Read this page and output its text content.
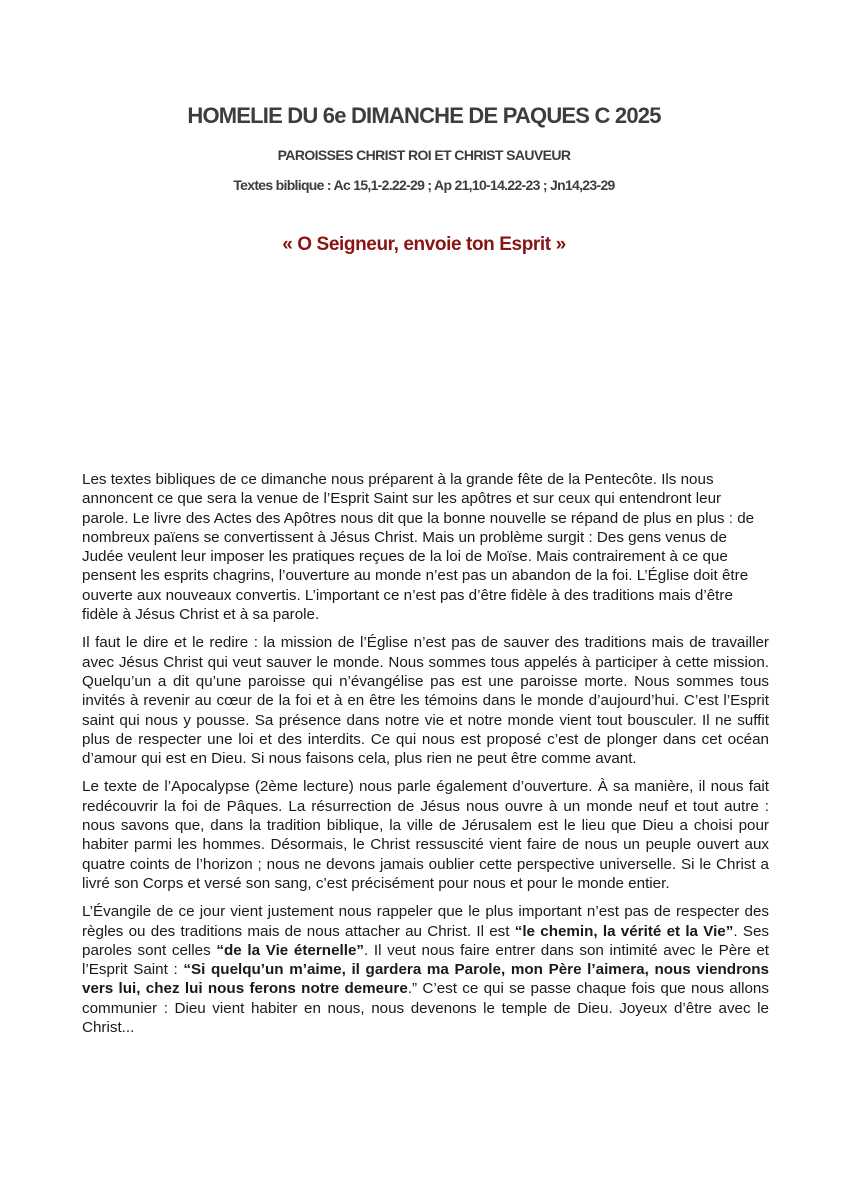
HOMELIE DU 6e DIMANCHE DE PAQUES C 2025
PAROISSES CHRIST ROI ET CHRIST SAUVEUR
Textes biblique : Ac 15,1-2.22-29 ; Ap 21,10-14.22-23 ; Jn14,23-29
« O Seigneur, envoie ton Esprit »

Les textes bibliques de ce dimanche nous préparent à la grande fête de la Pentecôte. Ils nous annoncent ce que sera la venue de l’Esprit Saint sur les apôtres et sur ceux qui entendront leur parole. Le livre des Actes des Apôtres nous dit que la bonne nouvelle se répand de plus en plus : de nombreux païens se convertissent à Jésus Christ. Mais un problème surgit : Des gens venus de Judée veulent leur imposer les pratiques reçues de la loi de Moïse. Mais contrairement à ce que pensent les esprits chagrins, l’ouverture au monde n’est pas un abandon de la foi. L’Église doit être ouverte aux nouveaux convertis. L’important ce n’est pas d’être fidèle à des traditions mais d’être fidèle à Jésus Christ et à sa parole.

Il faut le dire et le redire : la mission de l’Église n’est pas de sauver des traditions mais de travailler avec Jésus Christ qui veut sauver le monde. Nous sommes tous appelés à participer à cette mission. Quelqu’un a dit qu’une paroisse qui n’évangélise pas est une paroisse morte. Nous sommes tous invités à revenir au cœur de la foi et à en être les témoins dans le monde d’aujourd’hui. C’est l’Esprit saint qui nous y pousse. Sa présence dans notre vie et notre monde vient tout bousculer. Il ne suffit plus de respecter une loi et des interdits. Ce qui nous est proposé c’est de plonger dans cet océan d’amour qui est en Dieu. Si nous faisons cela, plus rien ne peut être comme avant.

Le texte de l’Apocalypse (2ème lecture) nous parle également d’ouverture. À sa manière, il nous fait redécouvrir la foi de Pâques. La résurrection de Jésus nous ouvre à un monde neuf et tout autre : nous savons que, dans la tradition biblique, la ville de Jérusalem est le lieu que Dieu a choisi pour habiter parmi les hommes. Désormais, le Christ ressuscité vient faire de nous un peuple ouvert aux quatre coints de l’horizon ; nous ne devons jamais oublier cette perspective universelle. Si le Christ a livré son Corps et versé son sang, c’est précisément pour nous et pour le monde entier.

L’Évangile de ce jour vient justement nous rappeler que le plus important n’est pas de respecter des règles ou des traditions mais de nous attacher au Christ. Il est “le chemin, la vérité et la Vie”. Ses paroles sont celles “de la Vie éternelle”. Il veut nous faire entrer dans son intimité avec le Père et l’Esprit Saint : “Si quelqu’un m’aime, il gardera ma Parole, mon Père l’aimera, nous viendrons vers lui, chez lui nous ferons notre demeure.” C’est ce qui se passe chaque fois que nous allons communier : Dieu vient habiter en nous, nous devenons le temple de Dieu. Joyeux d’être avec le Christ...
